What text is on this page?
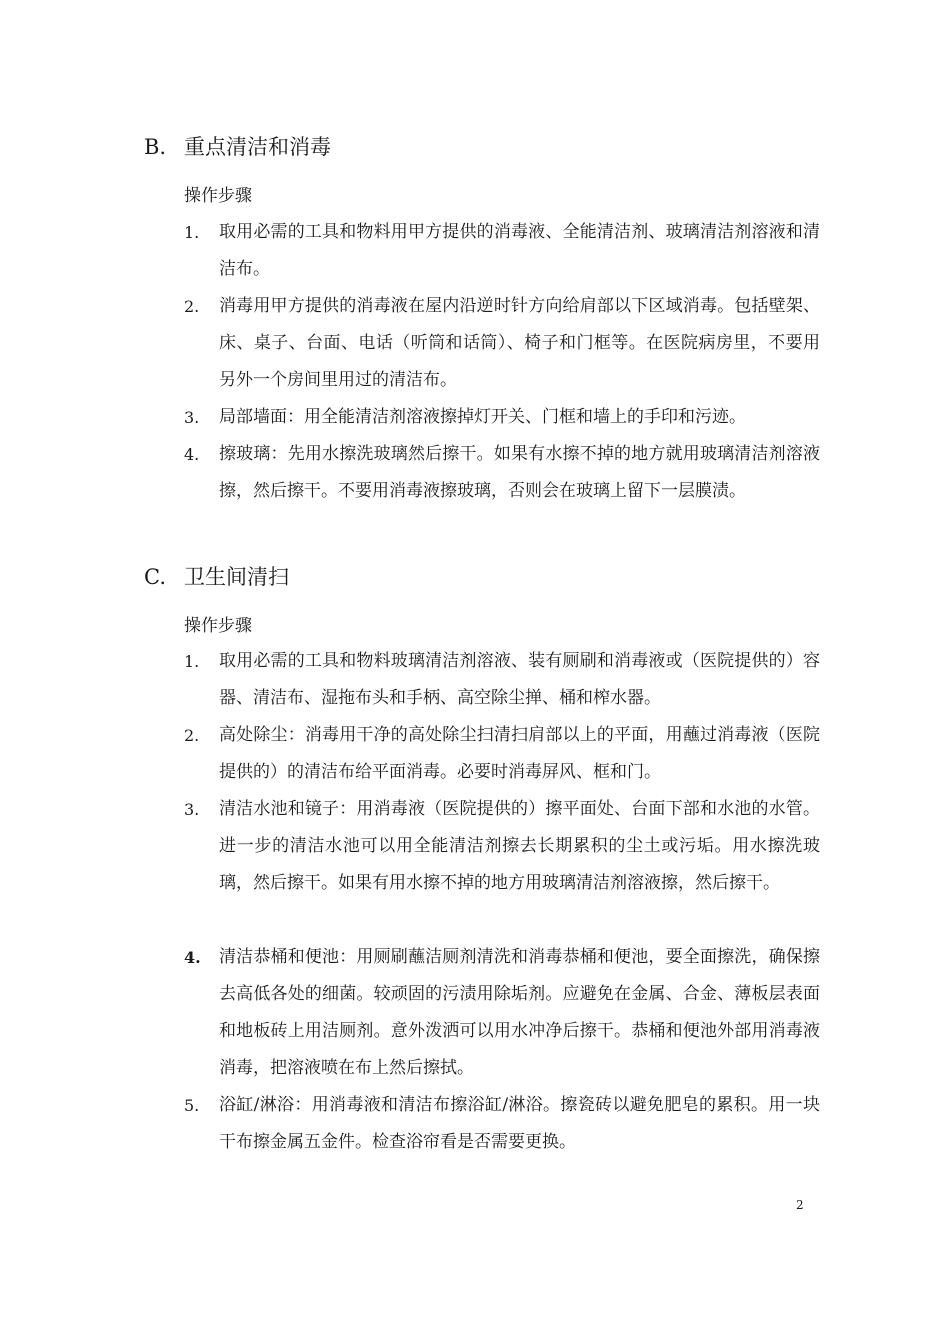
B. 重点清洁和消毒
操作步骤
1.	取用必需的工具和物料用甲方提供的消毒液、全能清洁剂、玻璃清洁剂溶液和清洁布。
2.	消毒用甲方提供的消毒液在屋内沿逆时针方向给肩部以下区域消毒。包括壁架、床、桌子、台面、电话（听筒和话筒）、椅子和门框等。在医院病房里，不要用另外一个房间里用过的清洁布。
3.	局部墙面：用全能清洁剂溶液擦掉灯开关、门框和墙上的手印和污迹。
4.	擦玻璃：先用水擦洗玻璃然后擦干。如果有水擦不掉的地方就用玻璃清洁剂溶液擦，然后擦干。不要用消毒液擦玻璃，否则会在玻璃上留下一层膜渍。
C. 卫生间清扫
操作步骤
1.	取用必需的工具和物料玻璃清洁剂溶液、装有厕刷和消毒液或（医院提供的）容器、清洁布、湿拖布头和手柄、高空除尘掸、桶和榨水器。
2.	高处除尘：消毒用干净的高处除尘扫清扫肩部以上的平面，用蘸过消毒液（医院提供的）的清洁布给平面消毒。必要时消毒屏风、框和门。
3.	清洁水池和镜子：用消毒液（医院提供的）擦平面处、台面下部和水池的水管。进一步的清洁水池可以用全能清洁剂擦去长期累积的尘土或污垢。用水擦洗玻璃，然后擦干。如果有用水擦不掉的地方用玻璃清洁剂溶液擦，然后擦干。
4.	清洁恭桶和便池：用厕刷蘸洁厕剂清洗和消毒恭桶和便池，要全面擦洗，确保擦去高低各处的细菌。较顽固的污渍用除垢剂。应避免在金属、合金、薄板层表面和地板砖上用洁厕剂。意外泼洒可以用水冲净后擦干。恭桶和便池外部用消毒液消毒，把溶液喷在布上然后擦拭。
5.	浴缸/淋浴：用消毒液和清洁布擦浴缸/淋浴。擦瓷砖以避免肥皂的累积。用一块干布擦金属五金件。检查浴帘看是否需要更换。
2
